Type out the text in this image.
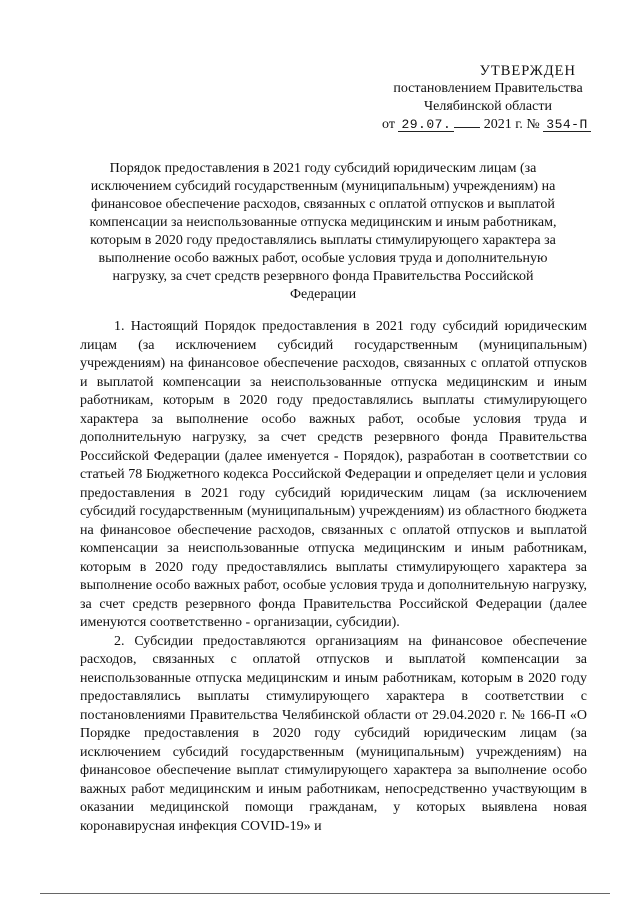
УТВЕРЖДЕН
постановлением Правительства
Челябинской области
от 29.07. 2021 г. № 354-П
Порядок предоставления в 2021 году субсидий юридическим лицам (за исключением субсидий государственным (муниципальным) учреждениям) на финансовое обеспечение расходов, связанных с оплатой отпусков и выплатой компенсации за неиспользованные отпуска медицинским и иным работникам, которым в 2020 году предоставлялись выплаты стимулирующего характера за выполнение особо важных работ, особые условия труда и дополнительную нагрузку, за счет средств резервного фонда Правительства Российской Федерации

1. Настоящий Порядок предоставления в 2021 году субсидий юридическим лицам (за исключением субсидий государственным (муниципальным) учреждениям) на финансовое обеспечение расходов, связанных с оплатой отпусков и выплатой компенсации за неиспользованные отпуска медицинским и иным работникам, которым в 2020 году предоставлялись выплаты стимулирующего характера за выполнение особо важных работ, особые условия труда и дополнительную нагрузку, за счет средств резервного фонда Правительства Российской Федерации (далее именуется - Порядок), разработан в соответствии со статьей 78 Бюджетного кодекса Российской Федерации и определяет цели и условия предоставления в 2021 году субсидий юридическим лицам (за исключением субсидий государственным (муниципальным) учреждениям) из областного бюджета на финансовое обеспечение расходов, связанных с оплатой отпусков и выплатой компенсации за неиспользованные отпуска медицинским и иным работникам, которым в 2020 году предоставлялись выплаты стимулирующего характера за выполнение особо важных работ, особые условия труда и дополнительную нагрузку, за счет средств резервного фонда Правительства Российской Федерации (далее именуются соответственно - организации, субсидии).

2. Субсидии предоставляются организациям на финансовое обеспечение расходов, связанных с оплатой отпусков и выплатой компенсации за неиспользованные отпуска медицинским и иным работникам, которым в 2020 году предоставлялись выплаты стимулирующего характера в соответствии с постановлениями Правительства Челябинской области от 29.04.2020 г. № 166-П «О Порядке предоставления в 2020 году субсидий юридическим лицам (за исключением субсидий государственным (муниципальным) учреждениям) на финансовое обеспечение выплат стимулирующего характера за выполнение особо важных работ медицинским и иным работникам, непосредственно участвующим в оказании медицинской помощи гражданам, у которых выявлена новая коронавирусная инфекция COVID-19» и
